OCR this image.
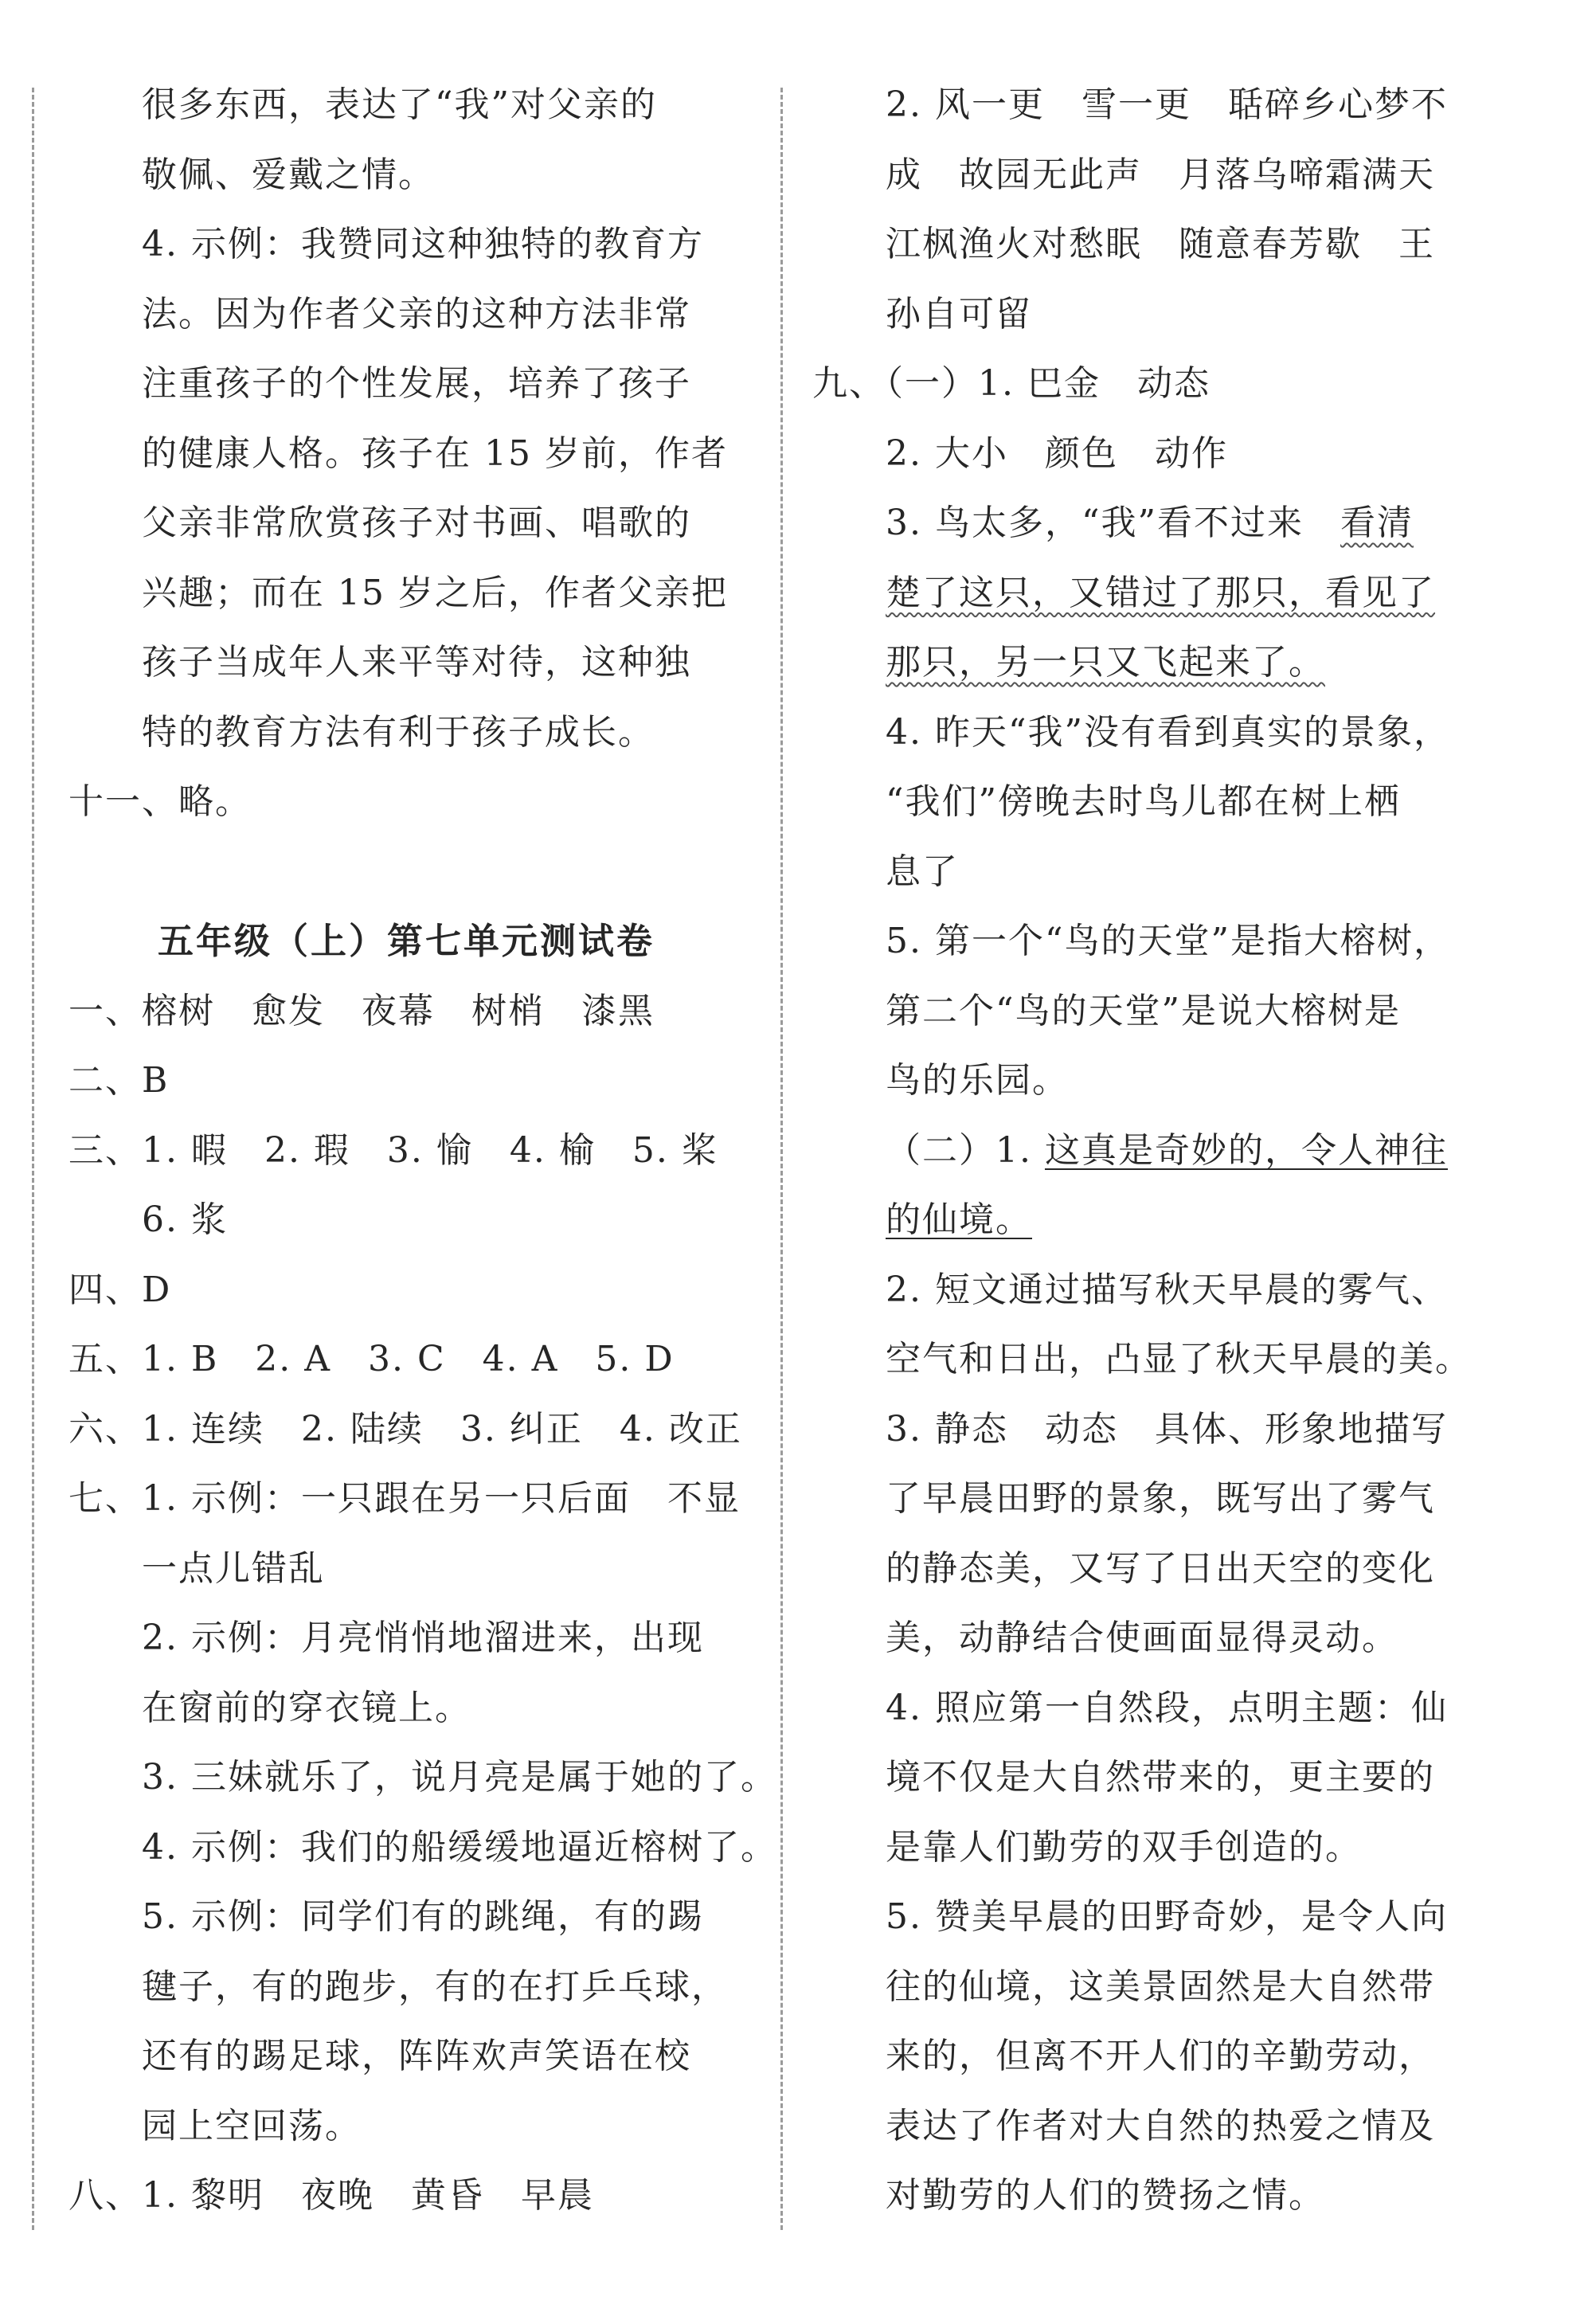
很多东西，表达了“我”对父亲的
敬佩、爱戴之情。
4. 示例：我赞同这种独特的教育方
法。因为作者父亲的这种方法非常
注重孩子的个性发展，培养了孩子
的健康人格。孩子在 15 岁前，作者
父亲非常欣赏孩子对书画、唱歌的
兴趣；而在 15 岁之后，作者父亲把
孩子当成年人来平等对待，这种独
特的教育方法有利于孩子成长。
十一、略。
五年级（上）第七单元测试卷
一、榕树　愈发　夜幕　树梢　漆黑
二、B
三、1. 暇　2. 瑕　3. 愉　4. 榆　5. 桨
6. 浆
四、D
五、1. B　2. A　3. C　4. A　5. D
六、1. 连续　2. 陆续　3. 纠正　4. 改正
七、1. 示例：一只跟在另一只后面　不显
一点儿错乱
2. 示例：月亮悄悄地溜进来，出现
在窗前的穿衣镜上。
3. 三妹就乐了，说月亮是属于她的了。
4. 示例：我们的船缓缓地逼近榕树了。
5. 示例：同学们有的跳绳，有的踢
毽子，有的跑步，有的在打乒乓球，
还有的踢足球，阵阵欢声笑语在校
园上空回荡。
八、1. 黎明　夜晚　黄昏　早晨
2. 风一更　雪一更　聒碎乡心梦不
成　故园无此声　月落乌啼霜满天
江枫渔火对愁眠　随意春芳歇　王
孙自可留
九、（一）1. 巴金　动态
2. 大小　颜色　动作
3. 鸟太多，“我”看不过来　看清
楚了这只，又错过了那只，看见了
那只，另一只又飞起来了。
4. 昨天“我”没有看到真实的景象，
“我们”傍晚去时鸟儿都在树上栖
息了
5. 第一个“鸟的天堂”是指大榕树，
第二个“鸟的天堂”是说大榕树是
鸟的乐园。
（二）1. 这真是奇妙的，令人神往
的仙境。
2. 短文通过描写秋天早晨的雾气、
空气和日出，凸显了秋天早晨的美。
3. 静态　动态　具体、形象地描写
了早晨田野的景象，既写出了雾气
的静态美，又写了日出天空的变化
美，动静结合使画面显得灵动。
4. 照应第一自然段，点明主题：仙
境不仅是大自然带来的，更主要的
是靠人们勤劳的双手创造的。
5. 赞美早晨的田野奇妙，是令人向
往的仙境，这美景固然是大自然带
来的，但离不开人们的辛勤劳动，
表达了作者对大自然的热爱之情及
对勤劳的人们的赞扬之情。
